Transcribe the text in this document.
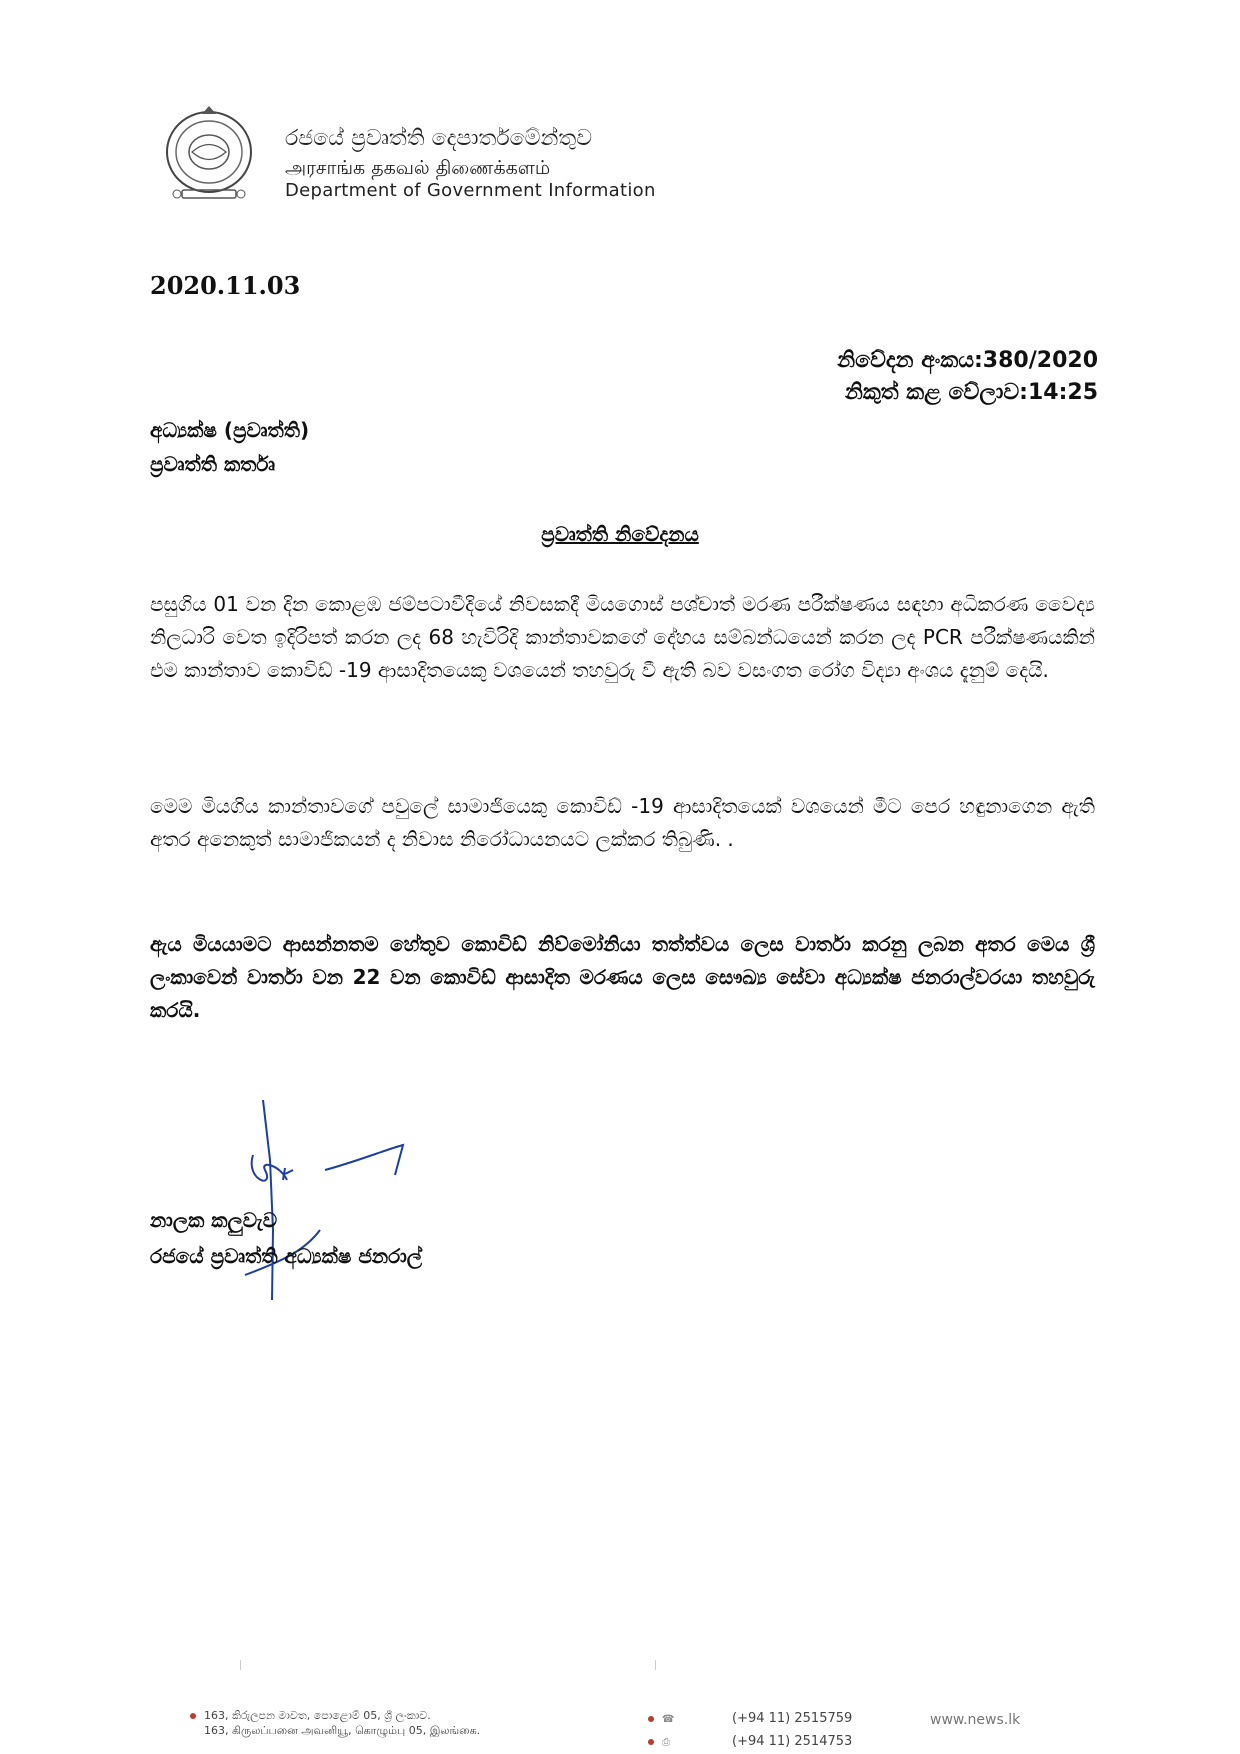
රජයේ ප්‍රවෘත්ති දෙපාර්තමේන්තුව
அரசாங்க தகவல் திணைக்களம்
Department of Government Information
2020.11.03
නිවේදන අංකය:380/2020
නිකුත් කළ වේලාව:14:25
අධ්‍යක්ෂ (ප්‍රවෘත්ති)
ප්‍රවෘත්ති කර්තෘ
ප්‍රවෘත්ති නිවේදනය
පසුගිය 01 වන දින කොළඹ ජම්පටාවීදියේ නිවසකදී මියගොස් පශ්චාත් මරණ පරීක්ෂණය සඳහා අධිකරණ වෛද්‍ය නිලධාරි වෙත ඉදිරිපත් කරන ලද 68 හැවිරිදි කාන්තාවකගේ දේහය සම්බන්ධයෙන් කරන ලද PCR පරීක්ෂණයකින් එම කාන්තාව කොවිඩ් -19 ආසාදිතයෙකු වශයෙන් තහවුරු වී ඇති බව වසංගත රෝග විද්‍යා අංශය දැනුම් දෙයි.
මෙම මියගිය කාන්තාවගේ පවුලේ සාමාජියෙකු කොවිඩ් -19 ආසාදිතයෙක් වශයෙන් මීට පෙර හඳුනාගෙන ඇති අතර අනෙකුත් සාමාජිකයන් ද නිවාස නිරෝධායනයට ලක්කර තිබුණි. .
ඇය මියයාමට ආසන්නතම හේතුව කොවිඩ් නිව්මෝනියා තත්ත්වය ලෙස වාර්තා කරනු ලබන අතර මෙය ශ්‍රී ලංකාවෙන් වාර්තා වන 22 වන කොවිඩ් ආසාදිත මරණය ලෙස සෞඛ්‍ය සේවා අධ්‍යක්ෂ ජනරාල්වරයා තහවුරු කරයි.
නාලක කලුවැව
රජයේ ප්‍රවෘත්ති අධ්‍යක්ෂ ජනරාල්
163, කිරුලපන මාවත, පොළොම් 05, ශ්‍රී ලංකාව.
163, கிருலப்பனை அவனியூ, கொழும்பு 05, இலங்கை.
☎	(+94 11) 2515759
⎙	(+94 11) 2514753
www.news.lk
